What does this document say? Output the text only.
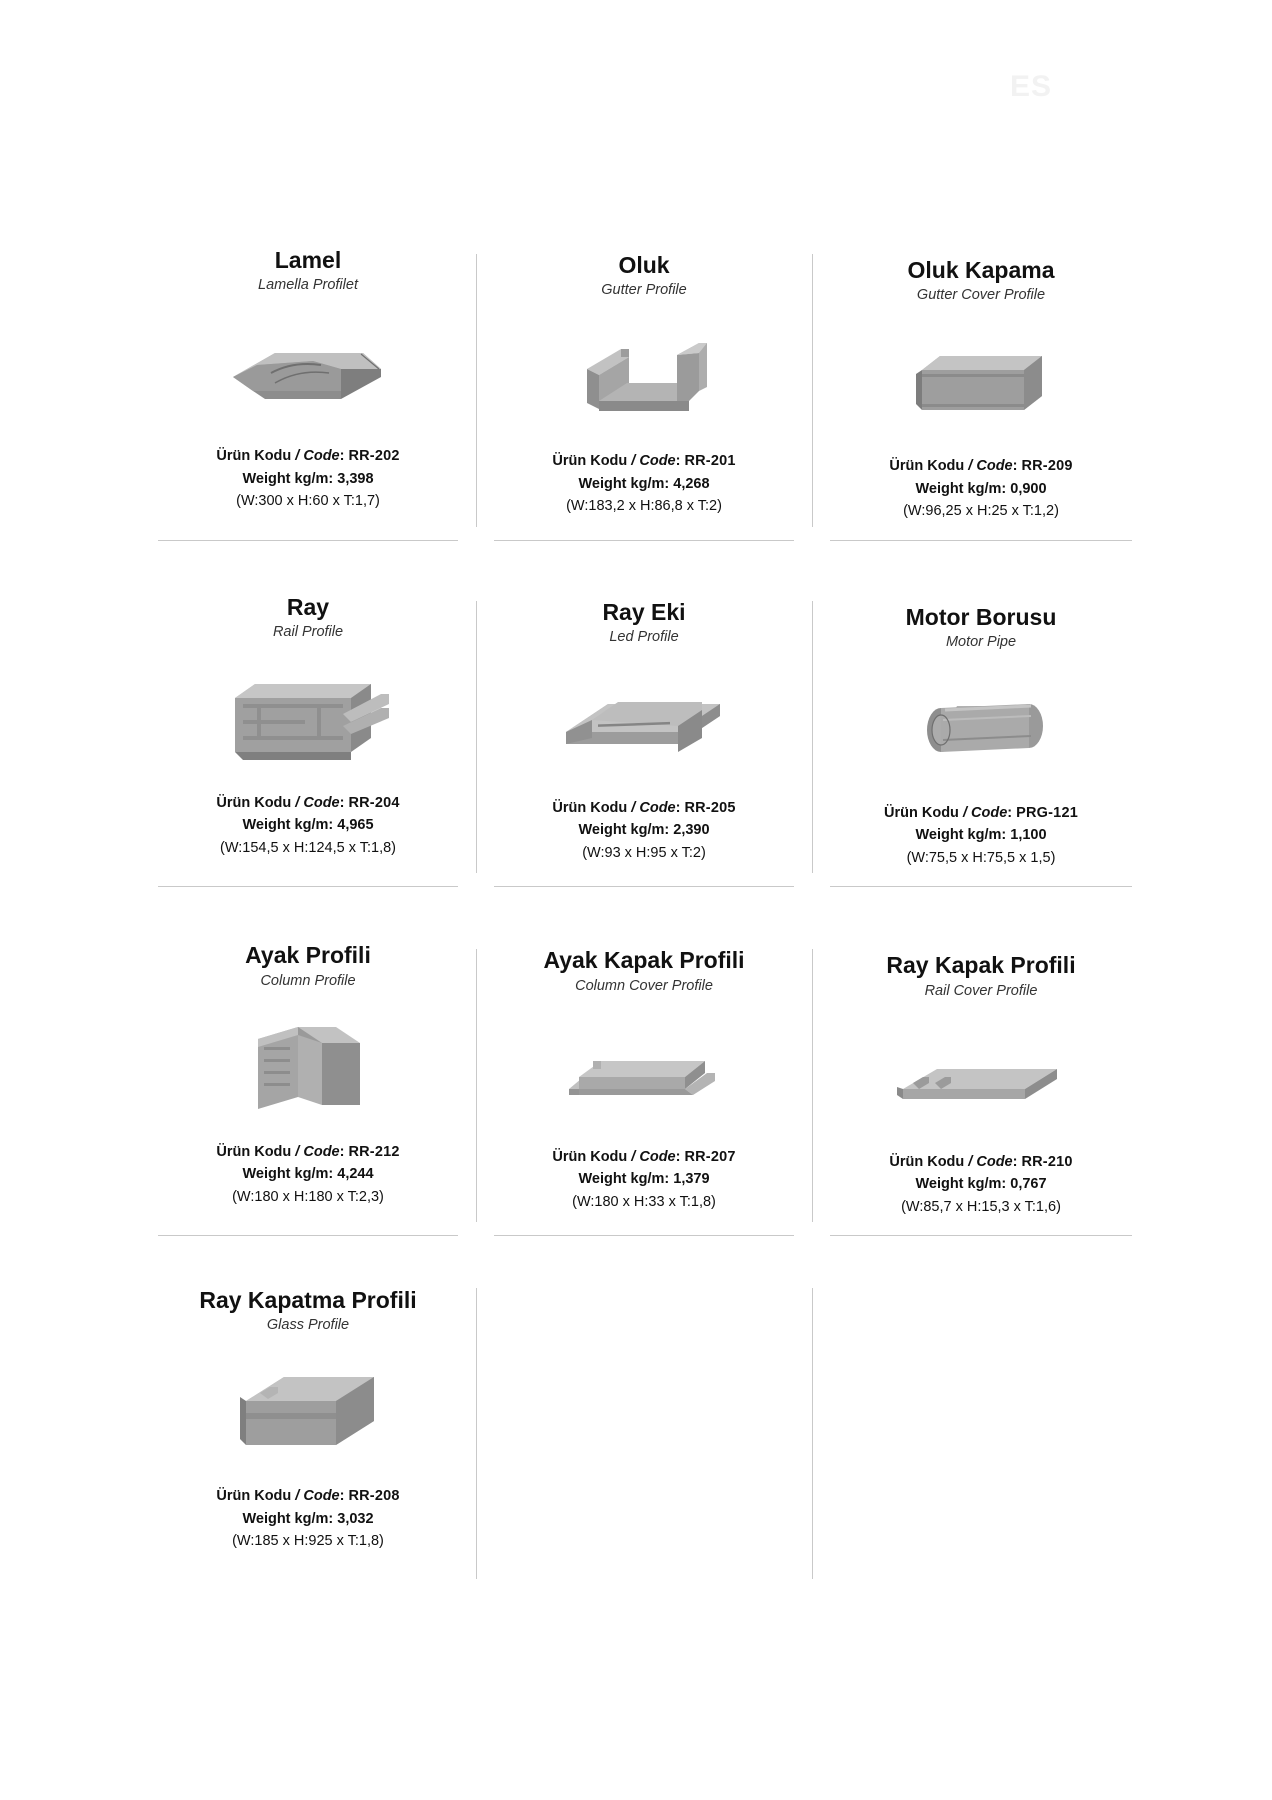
ES
Lamel
Lamella Profilet
Ürün Kodu / Code: RR-202
Weight kg/m: 3,398
(W:300 x H:60 x T:1,7)
Oluk
Gutter Profile
Ürün Kodu / Code: RR-201
Weight kg/m: 4,268
(W:183,2 x H:86,8 x T:2)
Oluk Kapama
Gutter Cover Profile
Ürün Kodu / Code: RR-209
Weight kg/m: 0,900
(W:96,25 x H:25 x T:1,2)
Ray
Rail Profile
Ürün Kodu / Code: RR-204
Weight kg/m: 4,965
(W:154,5 x H:124,5 x T:1,8)
Ray Eki
Led Profile
Ürün Kodu / Code: RR-205
Weight kg/m: 2,390
(W:93 x H:95 x T:2)
Motor Borusu
Motor Pipe
Ürün Kodu / Code: PRG-121
Weight kg/m: 1,100
(W:75,5 x H:75,5 x 1,5)
Ayak Profili
Column Profile
Ürün Kodu / Code: RR-212
Weight kg/m: 4,244
(W:180 x H:180 x T:2,3)
Ayak Kapak Profili
Column Cover Profile
Ürün Kodu / Code: RR-207
Weight kg/m: 1,379
(W:180 x H:33 x T:1,8)
Ray Kapak Profili
Rail Cover Profile
Ürün Kodu / Code: RR-210
Weight kg/m: 0,767
(W:85,7 x H:15,3 x T:1,6)
Ray Kapatma Profili
Glass Profile
Ürün Kodu / Code: RR-208
Weight kg/m: 3,032
(W:185 x H:925 x T:1,8)
